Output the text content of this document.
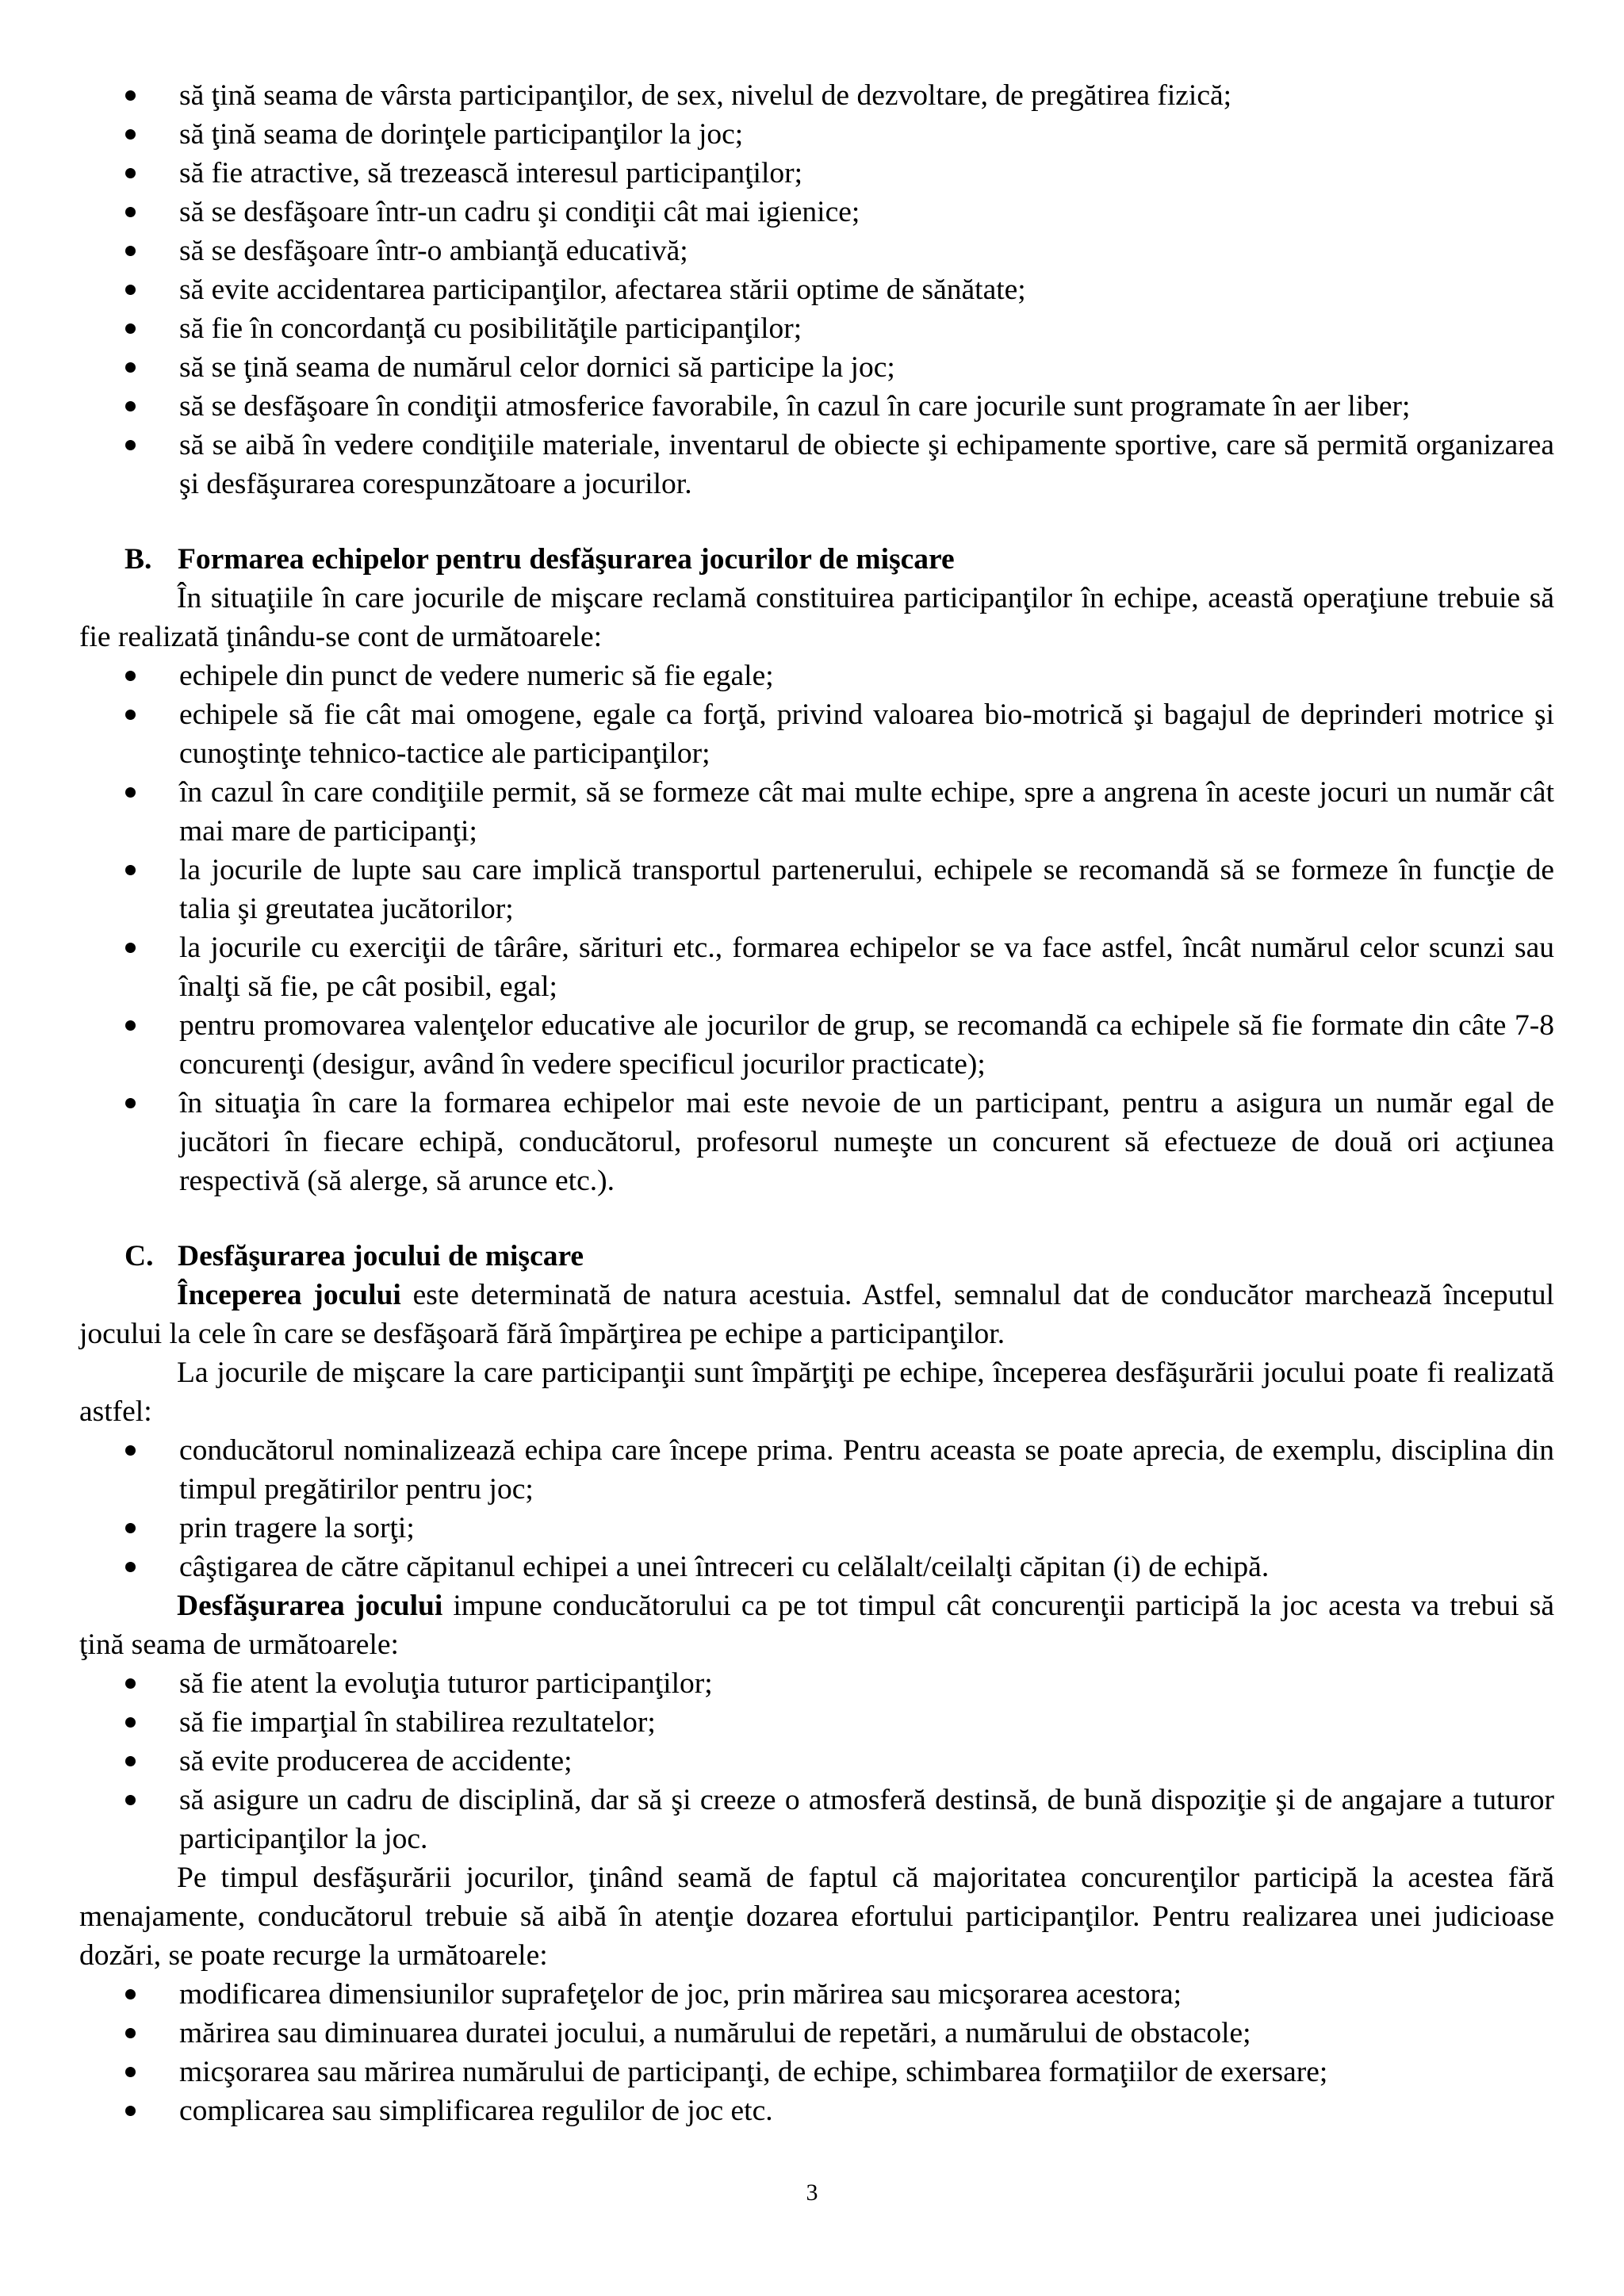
să ţină seama de vârsta participanţilor, de sex, nivelul de dezvoltare, de pregătirea fizică;
să ţină seama de dorinţele participanţilor la joc;
să fie atractive, să trezească interesul participanţilor;
să se desfăşoare într-un cadru şi condiţii cât mai igienice;
să se desfăşoare într-o ambianţă educativă;
să evite accidentarea participanţilor, afectarea stării optime de sănătate;
să fie în concordanţă cu posibilităţile participanţilor;
să se ţină seama de numărul celor dornici să participe la joc;
să se desfăşoare în condiţii atmosferice favorabile, în cazul în care jocurile sunt programate în aer liber;
să se aibă în vedere condiţiile materiale, inventarul de obiecte şi echipamente sportive, care să permită organizarea şi desfăşurarea corespunzătoare a jocurilor.
B. Formarea echipelor pentru desfăşurarea jocurilor de mişcare

În situaţiile în care jocurile de mişcare reclamă constituirea participanţilor în echipe, această operaţiune trebuie să fie realizată ţinându-se cont de următoarele:

echipele din punct de vedere numeric să fie egale;
echipele să fie cât mai omogene, egale ca forţă, privind valoarea bio-motrică şi bagajul de deprinderi motrice şi cunoştinţe tehnico-tactice ale participanţilor;
în cazul în care condiţiile permit, să se formeze cât mai multe echipe, spre a angrena în aceste jocuri un număr cât mai mare de participanţi;
la jocurile de lupte sau care implică transportul partenerului, echipele se recomandă să se formeze în funcţie de talia şi greutatea jucătorilor;
la jocurile cu exerciţii de târâre, sărituri etc., formarea echipelor se va face astfel, încât numărul celor scunzi sau înalţi să fie, pe cât posibil, egal;
pentru promovarea valenţelor educative ale jocurilor de grup, se recomandă ca echipele să fie formate din câte 7-8 concurenţi (desigur, având în vedere specificul jocurilor practicate);
în situaţia în care la formarea echipelor mai este nevoie de un participant, pentru a asigura un număr egal de jucători în fiecare echipă, conducătorul, profesorul numeşte un concurent să efectueze de două ori acţiunea respectivă (să alerge, să arunce etc.).
C. Desfăşurarea jocului de mişcare

Începerea jocului este determinată de natura acestuia. Astfel, semnalul dat de conducător marchează începutul jocului la cele în care se desfăşoară fără împărţirea pe echipe a participanţilor.

La jocurile de mişcare la care participanţii sunt împărţiţi pe echipe, începerea desfăşurării jocului poate fi realizată astfel:

conducătorul nominalizează echipa care începe prima. Pentru aceasta se poate aprecia, de exemplu, disciplina din timpul pregătirilor pentru joc;
prin tragere la sorţi;
câştigarea de către căpitanul echipei a unei întreceri cu celălalt/ceilalţi căpitan (i) de echipă.

Desfăşurarea jocului impune conducătorului ca pe tot timpul cât concurenţii participă la joc acesta va trebui să ţină seama de următoarele:

să fie atent la evoluţia tuturor participanţilor;
să fie imparţial în stabilirea rezultatelor;
să evite producerea de accidente;
să asigure un cadru de disciplină, dar să şi creeze o atmosferă destinsă, de bună dispoziţie şi de angajare a tuturor participanţilor la joc.

Pe timpul desfăşurării jocurilor, ţinând seamă de faptul că majoritatea concurenţilor participă la acestea fără menajamente, conducătorul trebuie să aibă în atenţie dozarea efortului participanţilor. Pentru realizarea unei judicioase dozări, se poate recurge la următoarele:

modificarea dimensiunilor suprafeţelor de joc, prin mărirea sau micşorarea acestora;
mărirea sau diminuarea duratei jocului, a numărului de repetări, a numărului de obstacole;
micşorarea sau mărirea numărului de participanţi, de echipe, schimbarea formaţiilor de exersare;
complicarea sau simplificarea regulilor de joc etc.
3
